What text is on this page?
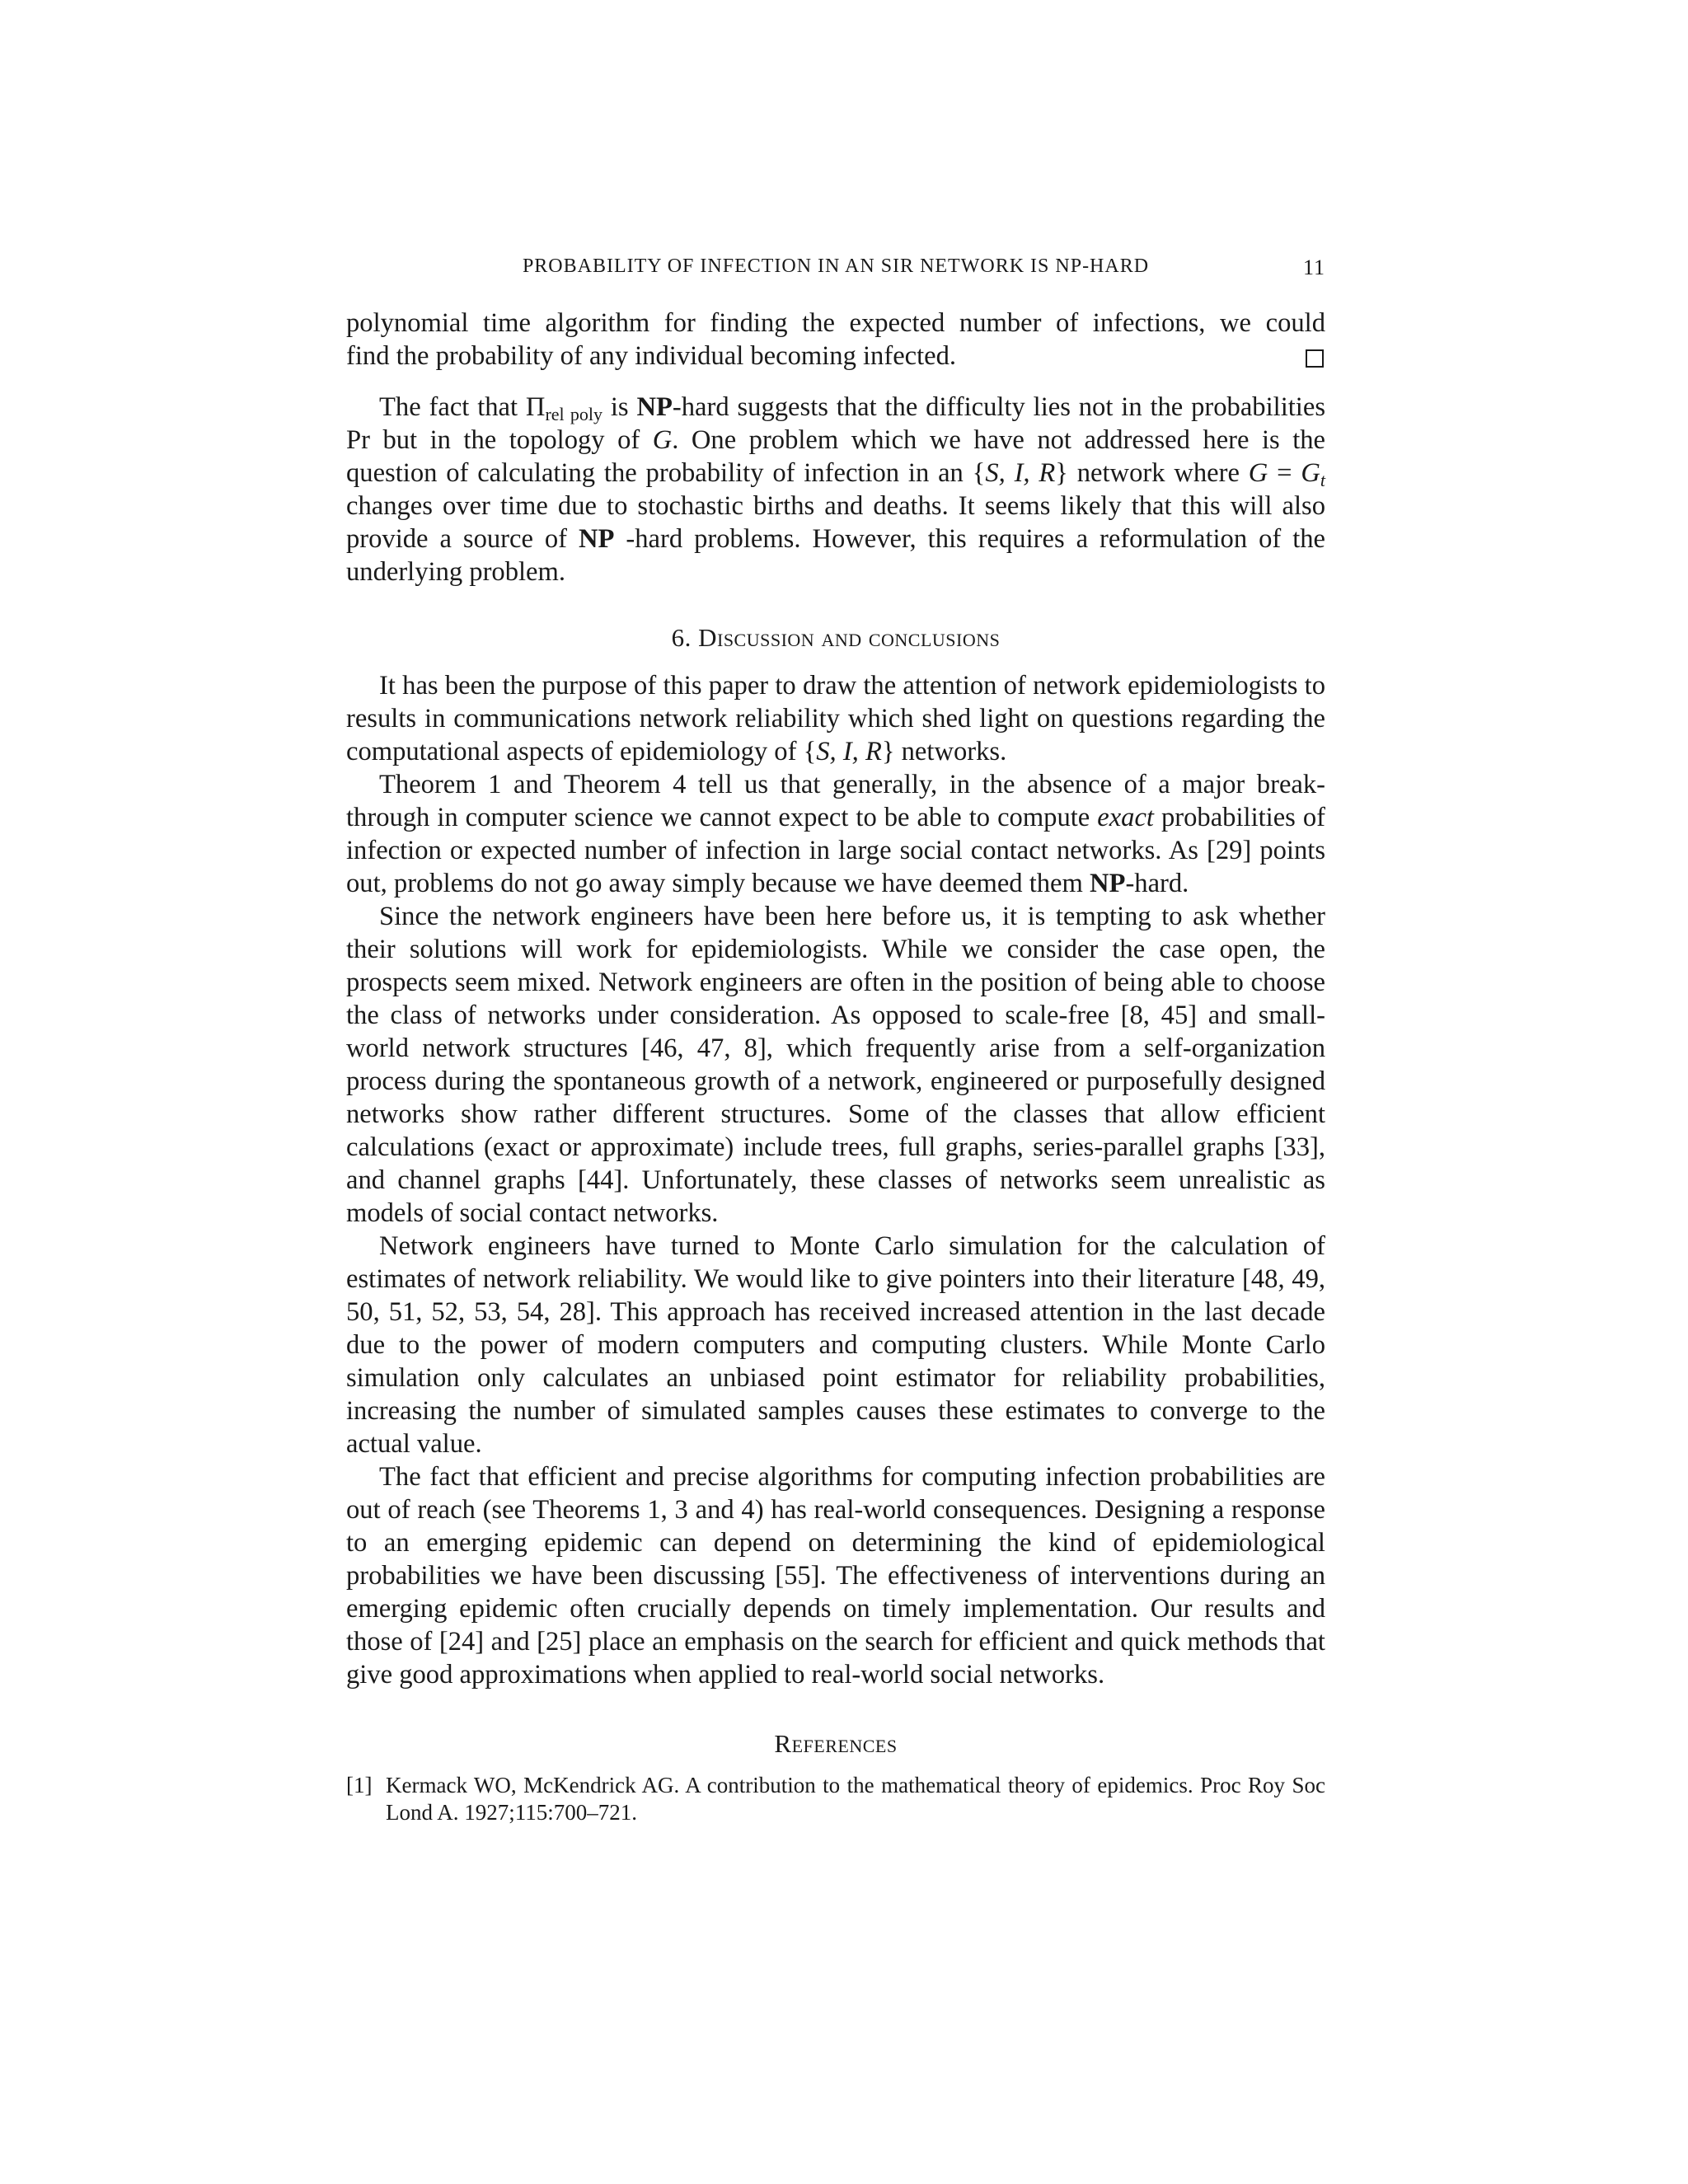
PROBABILITY OF INFECTION IN AN SIR NETWORK IS NP-HARD	11

polynomial time algorithm for finding the expected number of infections, we could

find the probability of any individual becoming infected.

The fact that $\Pi_{rel poly}$ is NP-hard suggests that the difficulty lies not in the probabilities Pr but in the topology of G. One problem which we have not addressed here is the question of calculating the probability of infection in an {S, I, R} network where $G = G_t$ changes over time due to stochastic births and deaths. It seems likely that this will also provide a source of NP -hard problems. However, this requires a reformulation of the underlying problem.

6. Discussion and conclusions

It has been the purpose of this paper to draw the attention of network epidemiologists to results in communications network reliability which shed light on questions regarding the computational aspects of epidemiology of {S, I, R} networks.

Theorem 1 and Theorem 4 tell us that generally, in the absence of a major break-through in computer science we cannot expect to be able to compute exact probabilities of infection or expected number of infection in large social contact networks. As [29] points out, problems do not go away simply because we have deemed them NP-hard.

Since the network engineers have been here before us, it is tempting to ask whether their solutions will work for epidemiologists. While we consider the case open, the prospects seem mixed. Network engineers are often in the position of being able to choose the class of networks under consideration. As opposed to scale-free [8, 45] and small-world network structures [46, 47, 8], which frequently arise from a self-organization process during the spontaneous growth of a network, engineered or purposefully designed networks show rather different structures. Some of the classes that allow efficient calculations (exact or approximate) include trees, full graphs, series-parallel graphs [33], and channel graphs [44]. Unfortunately, these classes of networks seem unrealistic as models of social contact networks.

Network engineers have turned to Monte Carlo simulation for the calculation of estimates of network reliability. We would like to give pointers into their literature [48, 49, 50, 51, 52, 53, 54, 28]. This approach has received increased attention in the last decade due to the power of modern computers and computing clusters. While Monte Carlo simulation only calculates an unbiased point estimator for reliability probabilities, increasing the number of simulated samples causes these estimates to converge to the actual value.

The fact that efficient and precise algorithms for computing infection probabilities are out of reach (see Theorems 1, 3 and 4) has real-world consequences. Designing a response to an emerging epidemic can depend on determining the kind of epidemiological probabilities we have been discussing [55]. The effectiveness of interventions during an emerging epidemic often crucially depends on timely implementation. Our results and those of [24] and [25] place an emphasis on the search for efficient and quick methods that give good approximations when applied to real-world social networks.

References
[1] Kermack WO, McKendrick AG. A contribution to the mathematical theory of epidemics. Proc Roy Soc Lond A. 1927;115:700–721.
